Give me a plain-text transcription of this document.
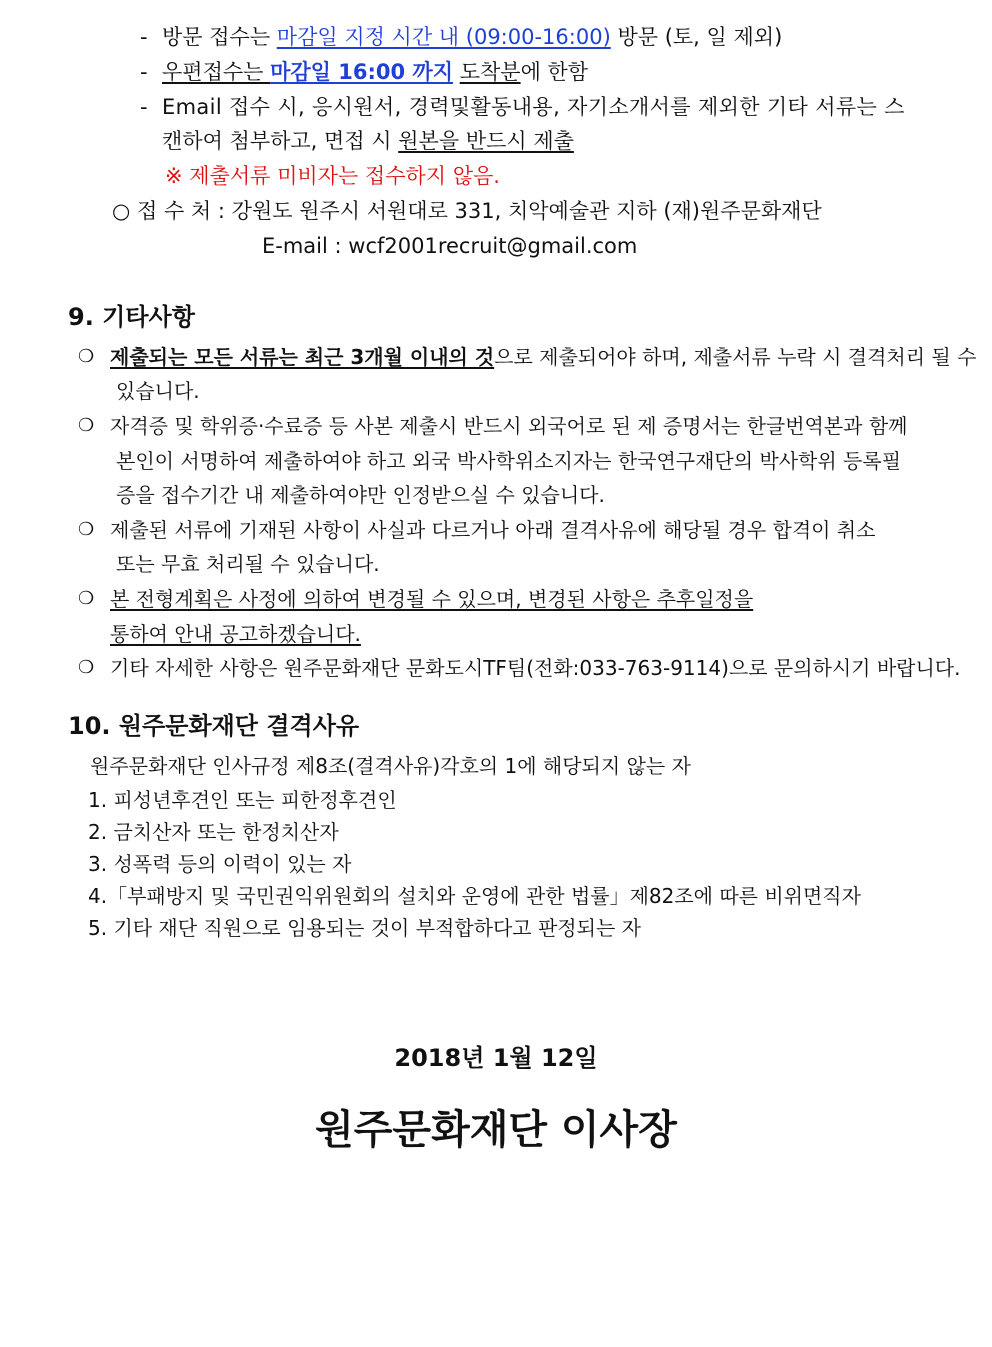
- 방문 접수는 마감일 지정 시간 내 (09:00-16:00) 방문 (토, 일 제외)
- 우편접수는 마감일 16:00 까지 도착분에 한함
- Email 접수 시, 응시원서, 경력및활동내용, 자기소개서를 제외한 기타 서류는 스
캔하여 첨부하고, 면접 시 원본을 반드시 제출
※ 제출서류 미비자는 접수하지 않음.
○ 접 수 처 : 강원도 원주시 서원대로 331, 치악예술관 지하 (재)원주문화재단
E-mail : wcf2001recruit@gmail.com
9. 기타사항
❍ 제출되는 모든 서류는 최근 3개월 이내의 것으로 제출되어야 하며, 제출서류 누락 시 결격처리 될 수
있습니다.
❍ 자격증 및 학위증·수료증 등 사본 제출시 반드시 외국어로 된 제 증명서는 한글번역본과 함께
본인이 서명하여 제출하여야 하고 외국 박사학위소지자는 한국연구재단의 박사학위 등록필
증을 접수기간 내 제출하여야만 인정받으실 수 있습니다.
❍ 제출된 서류에 기재된 사항이 사실과 다르거나 아래 결격사유에 해당될 경우 합격이 취소
또는 무효 처리될 수 있습니다.
❍ 본 전형계획은 사정에 의하여 변경될 수 있으며, 변경된 사항은 추후일정을
통하여 안내 공고하겠습니다.
❍ 기타 자세한 사항은 원주문화재단 문화도시TF팀(전화:033-763-9114)으로 문의하시기 바랍니다.
10. 원주문화재단 결격사유
원주문화재단 인사규정 제8조(결격사유)각호의 1에 해당되지 않는 자
1. 피성년후견인 또는 피한정후견인
2. 금치산자 또는 한정치산자
3. 성폭력 등의 이력이 있는 자
4.「부패방지 및 국민권익위원회의 설치와 운영에 관한 법률」제82조에 따른 비위면직자
5. 기타 재단 직원으로 임용되는 것이 부적합하다고 판정되는 자
2018년 1월 12일
원주문화재단 이사장
